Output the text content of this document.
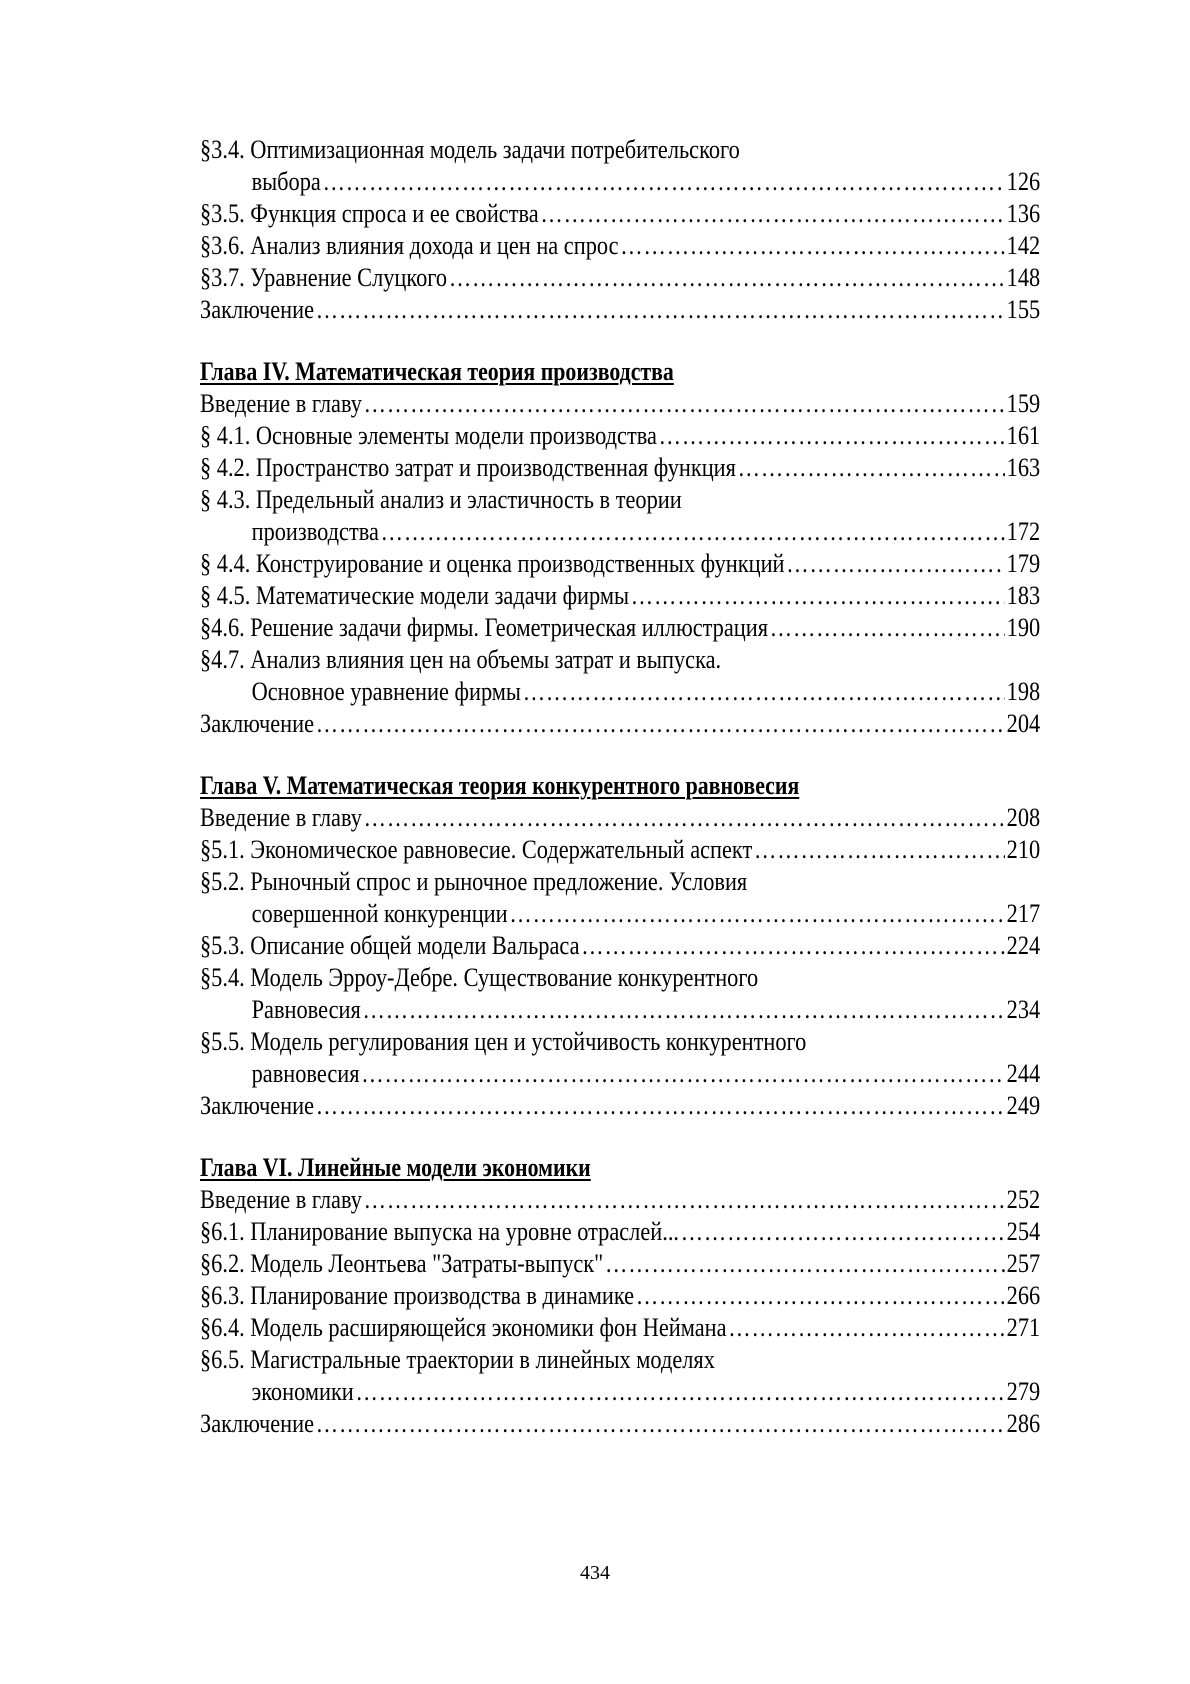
§3.4. Оптимизационная модель задачи потребительского
выбора ……………………………………………………………………………………………………………………………………………	126
§3.5. Функция спроса и ее свойства ……………………………………………………………………………………………………………………………………………	136
§3.6. Анализ влияния дохода и цен на спрос ……………………………………………………………………………………………………………………………………………	142
§3.7. Уравнение Слуцкого ……………………………………………………………………………………………………………………………………………	148
Заключение ……………………………………………………………………………………………………………………………………………	155
Глава IV. Математическая теория производства
Введение в главу ……………………………………………………………………………………………………………………………………………	159
§ 4.1. Основные элементы модели производства ……………………………………………………………………………………………………………………………………………	161
§ 4.2. Пространство затрат и производственная функция ……………………………………………………………………………………………………………………………………………	163
§ 4.3. Предельный анализ и эластичность в теории
производства ……………………………………………………………………………………………………………………………………………	172
§ 4.4. Конструирование и оценка производственных функций ……………………………………………………………………………………………………………………………………………	179
§ 4.5. Математические модели задачи фирмы ……………………………………………………………………………………………………………………………………………	183
§4.6. Решение задачи фирмы. Геометрическая иллюстрация ……………………………………………………………………………………………………………………………………………	190
§4.7. Анализ влияния цен на объемы затрат и выпуска.
Основное уравнение фирмы ……………………………………………………………………………………………………………………………………………	198
Заключение ……………………………………………………………………………………………………………………………………………	204
Глава V. Математическая теория конкурентного равновесия
Введение в главу ……………………………………………………………………………………………………………………………………………	208
§5.1. Экономическое равновесие. Содержательный аспект ……………………………………………………………………………………………………………………………………………	210
§5.2. Рыночный спрос и рыночное предложение. Условия
совершенной конкуренции ……………………………………………………………………………………………………………………………………………	217
§5.3. Описание общей модели Вальраса ……………………………………………………………………………………………………………………………………………	224
§5.4. Модель Эрроу-Дебре. Существование конкурентного
Равновесия ……………………………………………………………………………………………………………………………………………	234
§5.5. Модель регулирования цен и устойчивость конкурентного
равновесия ……………………………………………………………………………………………………………………………………………	244
Заключение ……………………………………………………………………………………………………………………………………………	249
Глава VI. Линейные модели экономики
Введение в главу ……………………………………………………………………………………………………………………………………………	252
§6.1. Планирование выпуска на уровне отраслей... ……………………………………………………………………………………………………………………………………………	254
§6.2. Модель Леонтьева "Затраты-выпуск" ……………………………………………………………………………………………………………………………………………	257
§6.3. Планирование производства в динамике ……………………………………………………………………………………………………………………………………………	266
§6.4. Модель расширяющейся экономики фон Неймана ……………………………………………………………………………………………………………………………………………	271
§6.5. Магистральные траектории в линейных моделях
экономики ……………………………………………………………………………………………………………………………………………	279
Заключение ……………………………………………………………………………………………………………………………………………	286
434
